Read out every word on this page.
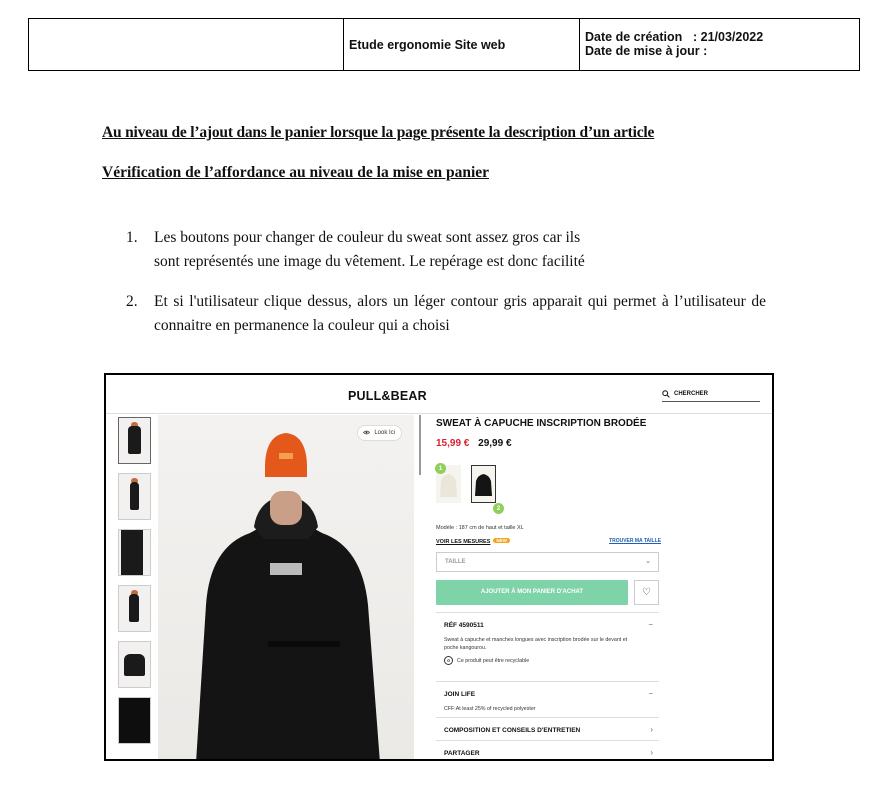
Etude ergonomie Site web
Date de création : 21/03/2022
Date de mise à jour :
Au niveau de l’ajout dans le panier lorsque la page présente la description d’un article
Vérification de l’affordance au niveau de la mise en panier
1. Les boutons pour changer de couleur du sweat sont assez gros car ils
sont représentés une image du vêtement. Le repérage est donc facilité
2. Et si l'utilisateur clique dessus, alors un léger contour gris apparait qui permet à l’utilisateur de connaitre en permanence la couleur qui a choisi
PULL&BEAR	CHERCHER
Look Ici
SWEAT À CAPUCHE INSCRIPTION BRODÉE
15,99 € 29,99 €
1
2
Modèle : 187 cm de haut et taille XL
VOIR LES MESURES NEW	TROUVER MA TAILLE
TAILLE	⌄
AJOUTER À MON PANIER D'ACHAT	♡
RÉF 4590511	−
Sweat à capuche et manches longues avec inscription brodée sur le devant et poche kangourou.
♻	Ce produit peut être recyclable
JOIN LIFE	−
CFF:At least 25% of recycled polyester
COMPOSITION ET CONSEILS D'ENTRETIEN	›
PARTAGER	›
